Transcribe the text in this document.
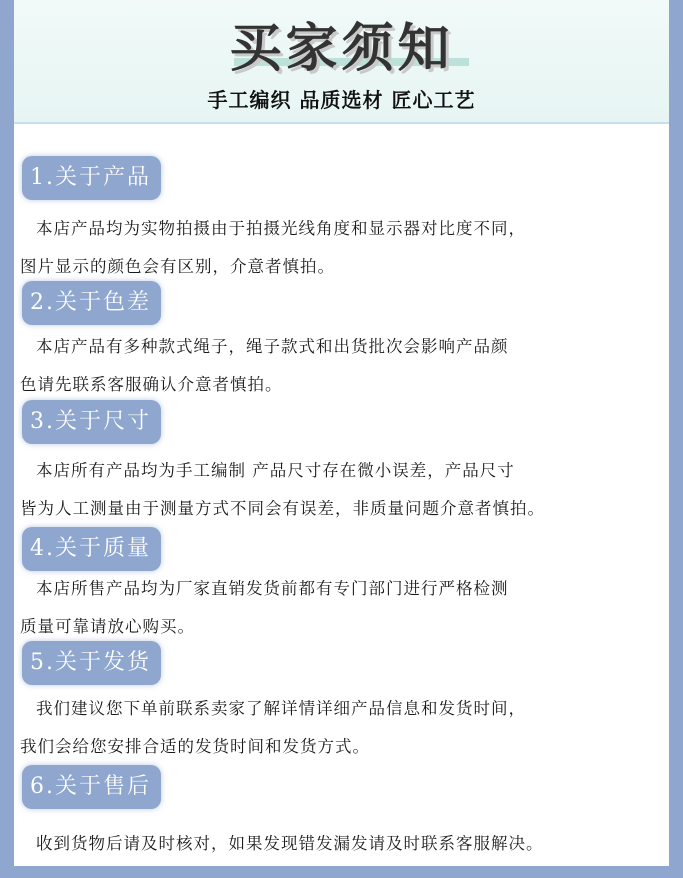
买家须知
手工编织 品质选材 匠心工艺
1.关于产品
本店产品均为实物拍摄由于拍摄光线角度和显示器对比度不同，
图片显示的颜色会有区别，介意者慎拍。
2.关于色差
本店产品有多种款式绳子，绳子款式和出货批次会影响产品颜
色请先联系客服确认介意者慎拍。
3.关于尺寸
本店所有产品均为手工编制 产品尺寸存在微小误差，产品尺寸
皆为人工测量由于测量方式不同会有误差，非质量问题介意者慎拍。
4.关于质量
本店所售产品均为厂家直销发货前都有专门部门进行严格检测
质量可靠请放心购买。
5.关于发货
我们建议您下单前联系卖家了解详情详细产品信息和发货时间，
我们会给您安排合适的发货时间和发货方式。
6.关于售后
收到货物后请及时核对，如果发现错发漏发请及时联系客服解决。
